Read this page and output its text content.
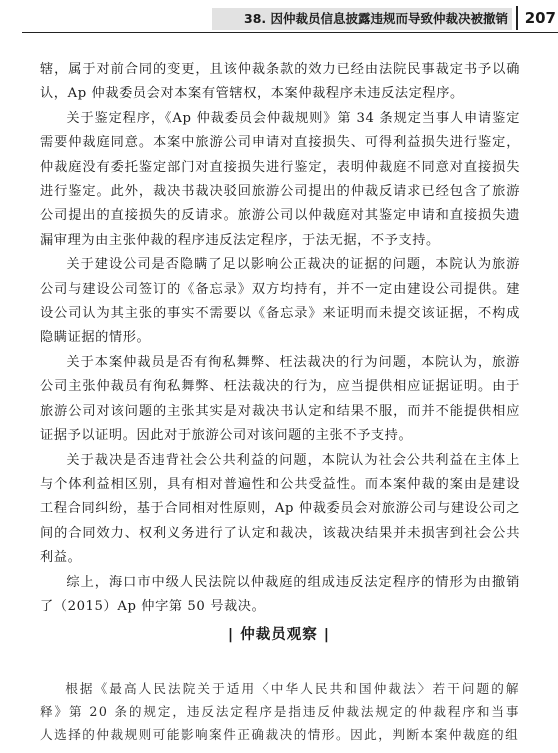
38. 因仲裁员信息披露违规而导致仲裁决被撤销 207

辖，属于对前合同的变更，且该仲裁条款的效力已经由法院民事裁定书予以确认，Ap 仲裁委员会对本案有管辖权，本案仲裁程序未违反法定程序。

关于鉴定程序，《Ap 仲裁委员会仲裁规则》第 34 条规定当事人申请鉴定需要仲裁庭同意。本案中旅游公司申请对直接损失、可得利益损失进行鉴定，仲裁庭没有委托鉴定部门对直接损失进行鉴定，表明仲裁庭不同意对直接损失进行鉴定。此外，裁决书裁决驳回旅游公司提出的仲裁反请求已经包含了旅游公司提出的直接损失的反请求。旅游公司以仲裁庭对其鉴定申请和直接损失遗漏审理为由主张仲裁的程序违反法定程序，于法无据，不予支持。

关于建设公司是否隐瞒了足以影响公正裁决的证据的问题，本院认为旅游公司与建设公司签订的《备忘录》双方均持有，并不一定由建设公司提供。建设公司认为其主张的事实不需要以《备忘录》来证明而未提交该证据，不构成隐瞒证据的情形。

关于本案仲裁员是否有徇私舞弊、枉法裁决的行为问题，本院认为，旅游公司主张仲裁员有徇私舞弊、枉法裁决的行为，应当提供相应证据证明。由于旅游公司对该问题的主张其实是对裁决书认定和结果不服，而并不能提供相应证据予以证明。因此对于旅游公司对该问题的主张不予支持。

关于裁决是否违背社会公共利益的问题，本院认为社会公共利益在主体上与个体利益相区别，具有相对普遍性和公共受益性。而本案仲裁的案由是建设工程合同纠纷，基于合同相对性原则，Ap 仲裁委员会对旅游公司与建设公司之间的合同效力、权利义务进行了认定和裁决，该裁决结果并未损害到社会公共利益。

综上，海口市中级人民法院以仲裁庭的组成违反法定程序的情形为由撤销了（2015）Ap 仲字第 50 号裁决。

| 仲裁员观察 |

根据《最高人民法院关于适用〈中华人民共和国仲裁法〉若干问题的解释》第 20 条的规定，违反法定程序是指违反仲裁法规定的仲裁程序和当事人选择的仲裁规则可能影响案件正确裁决的情形。因此，判断本案仲裁庭的组
